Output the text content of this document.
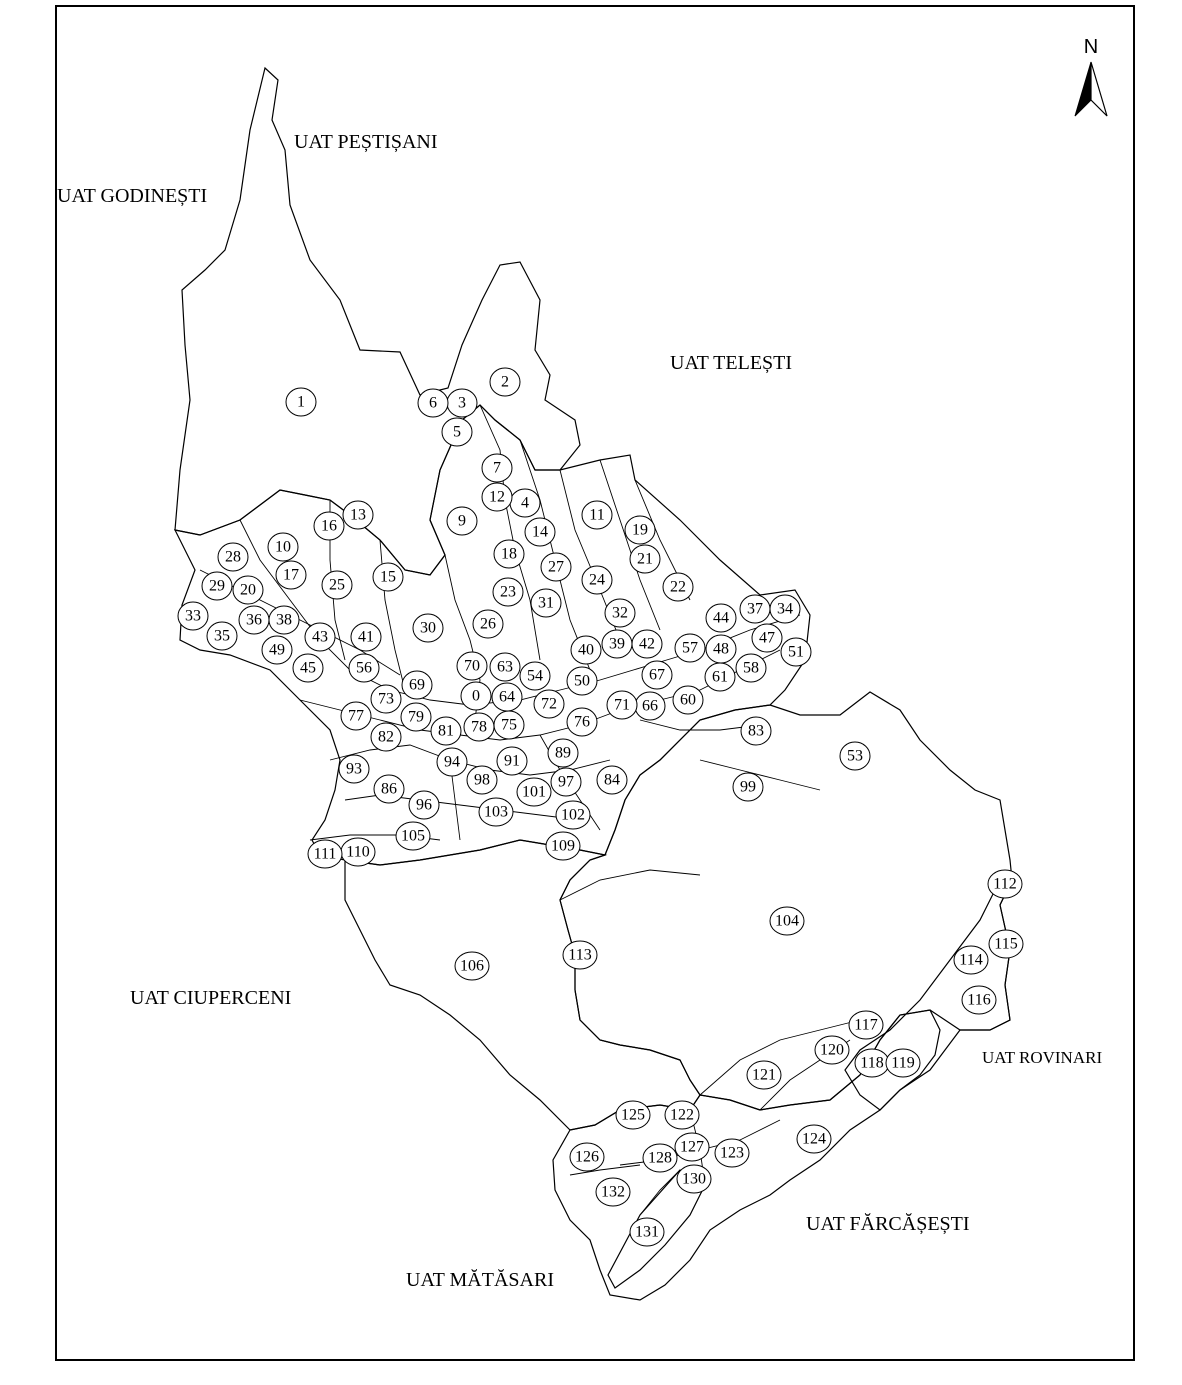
N
UAT PEȘTIȘANI
UAT GODINEȘTI
UAT TELEȘTI
UAT CIUPERCENI
UAT ROVINARI
UAT FĂRCĂȘEȘTI
UAT MĂTĂSARI
0
1
2
3
4
5
6
7
9
10
11
12
13
14
15
16
17
18
19
20
21
22
23
24
25
26
27
28
29
30
31
32
33	34
35
36
37
38
39
40
41	42
43
44
45
47
48
49
50
51
53
54
56
57
58
60
61
63
64
66
67
69
70
71
72
73
75	76
77
78
79
81
82	83
84
86
89
91
93	94
96
97
98	99
101
102
103
104
105
106
109
110
111
112
113	114
115
116
117
118 119
120
121
122
123
124
125
126
127
128
130
131
132
